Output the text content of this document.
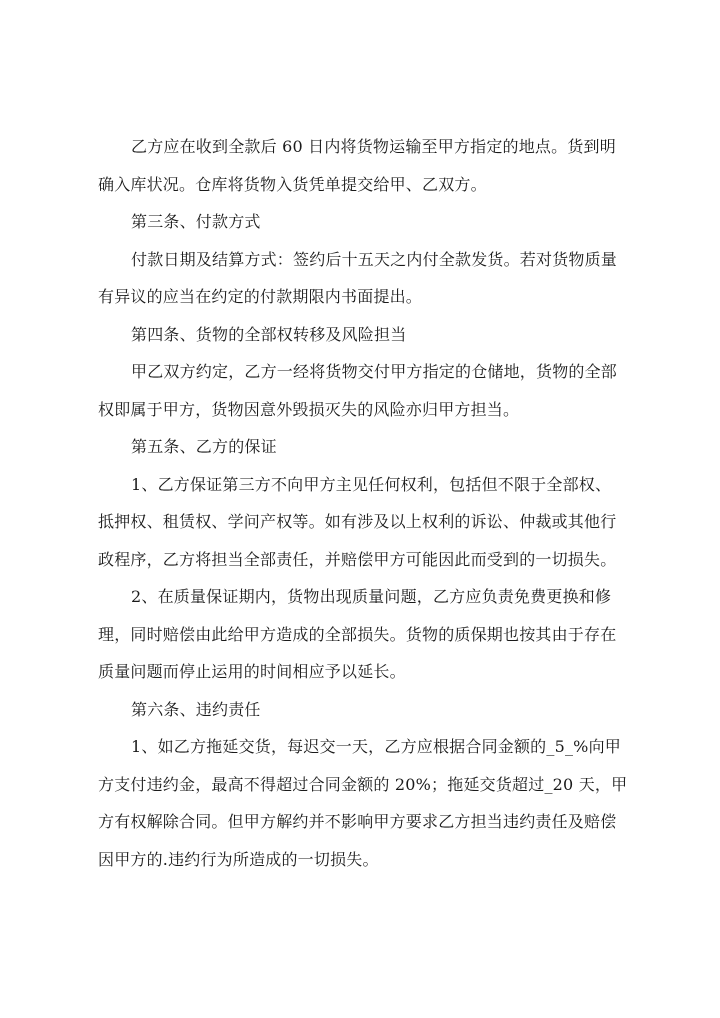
乙方应在收到全款后 60 日内将货物运输至甲方指定的地点。货到明
确入库状况。仓库将货物入货凭单提交给甲、乙双方。
第三条、付款方式
付款日期及结算方式：签约后十五天之内付全款发货。若对货物质量
有异议的应当在约定的付款期限内书面提出。
第四条、货物的全部权转移及风险担当
甲乙双方约定，乙方一经将货物交付甲方指定的仓储地，货物的全部
权即属于甲方，货物因意外毁损灭失的风险亦归甲方担当。
第五条、乙方的保证
1、乙方保证第三方不向甲方主见任何权利，包括但不限于全部权、
抵押权、租赁权、学问产权等。如有涉及以上权利的诉讼、仲裁或其他行
政程序，乙方将担当全部责任，并赔偿甲方可能因此而受到的一切损失。
2、在质量保证期内，货物出现质量问题，乙方应负责免费更换和修
理，同时赔偿由此给甲方造成的全部损失。货物的质保期也按其由于存在
质量问题而停止运用的时间相应予以延长。
第六条、违约责任
1、如乙方拖延交货，每迟交一天，乙方应根据合同金额的_5_%向甲
方支付违约金，最高不得超过合同金额的 20%；拖延交货超过_20 天，甲
方有权解除合同。但甲方解约并不影响甲方要求乙方担当违约责任及赔偿
因甲方的.违约行为所造成的一切损失。
